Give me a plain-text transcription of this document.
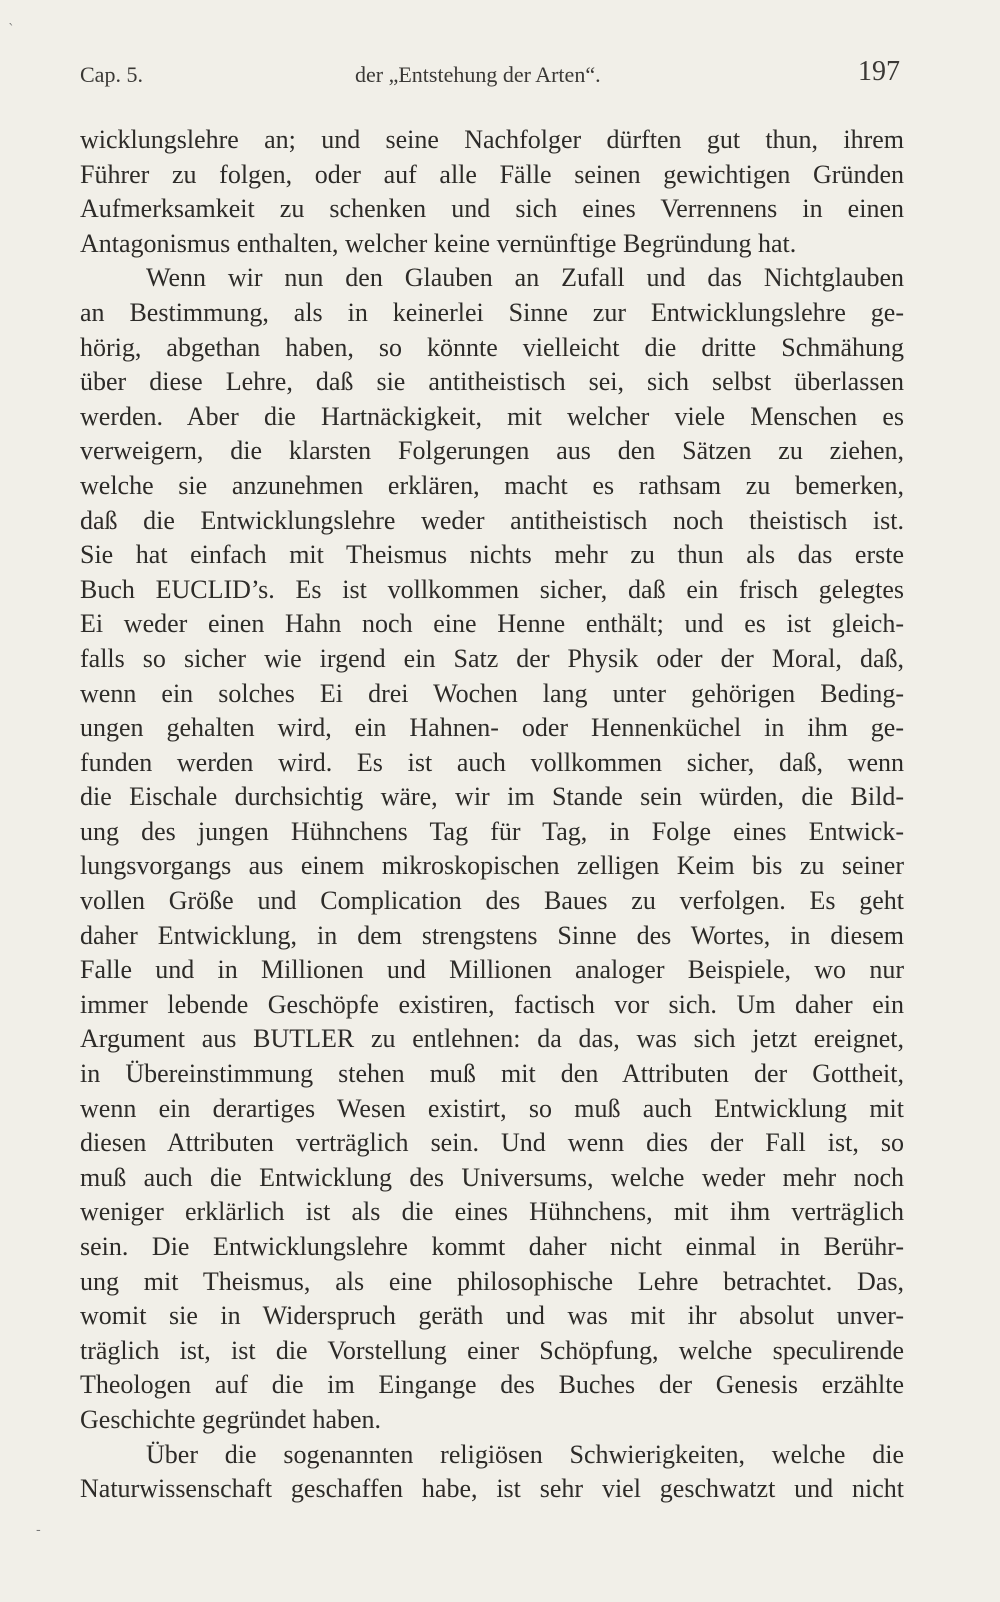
`
Cap. 5.	der „Entstehung der Arten“.	197
wicklungslehre an; und seine Nachfolger dürften gut thun, ihrem
Führer zu folgen, oder auf alle Fälle seinen gewichtigen Gründen
Aufmerksamkeit zu schenken und sich eines Verrennens in einen
Antagonismus enthalten, welcher keine vernünftige Begründung hat.
Wenn wir nun den Glauben an Zufall und das Nichtglauben
an Bestimmung, als in keinerlei Sinne zur Entwicklungslehre ge-
hörig, abgethan haben, so könnte vielleicht die dritte Schmähung
über diese Lehre, daß sie antitheistisch sei, sich selbst überlassen
werden. Aber die Hartnäckigkeit, mit welcher viele Menschen es
verweigern, die klarsten Folgerungen aus den Sätzen zu ziehen,
welche sie anzunehmen erklären, macht es rathsam zu bemerken,
daß die Entwicklungslehre weder antitheistisch noch theistisch ist.
Sie hat einfach mit Theismus nichts mehr zu thun als das erste
Buch EUCLID’s. Es ist vollkommen sicher, daß ein frisch gelegtes
Ei weder einen Hahn noch eine Henne enthält; und es ist gleich-
falls so sicher wie irgend ein Satz der Physik oder der Moral, daß,
wenn ein solches Ei drei Wochen lang unter gehörigen Beding-
ungen gehalten wird, ein Hahnen- oder Hennenküchel in ihm ge-
funden werden wird. Es ist auch vollkommen sicher, daß, wenn
die Eischale durchsichtig wäre, wir im Stande sein würden, die Bild-
ung des jungen Hühnchens Tag für Tag, in Folge eines Entwick-
lungsvorgangs aus einem mikroskopischen zelligen Keim bis zu seiner
vollen Größe und Complication des Baues zu verfolgen. Es geht
daher Entwicklung, in dem strengstens Sinne des Wortes, in diesem
Falle und in Millionen und Millionen analoger Beispiele, wo nur
immer lebende Geschöpfe existiren, factisch vor sich. Um daher ein
Argument aus BUTLER zu entlehnen: da das, was sich jetzt ereignet,
in Übereinstimmung stehen muß mit den Attributen der Gottheit,
wenn ein derartiges Wesen existirt, so muß auch Entwicklung mit
diesen Attributen verträglich sein. Und wenn dies der Fall ist, so
muß auch die Entwicklung des Universums, welche weder mehr noch
weniger erklärlich ist als die eines Hühnchens, mit ihm verträglich
sein. Die Entwicklungslehre kommt daher nicht einmal in Berühr-
ung mit Theismus, als eine philosophische Lehre betrachtet. Das,
womit sie in Widerspruch geräth und was mit ihr absolut unver-
träglich ist, ist die Vorstellung einer Schöpfung, welche speculirende
Theologen auf die im Eingange des Buches der Genesis erzählte
Geschichte gegründet haben.
Über die sogenannten religiösen Schwierigkeiten, welche die
Naturwissenschaft geschaffen habe, ist sehr viel geschwatzt und nicht
-
